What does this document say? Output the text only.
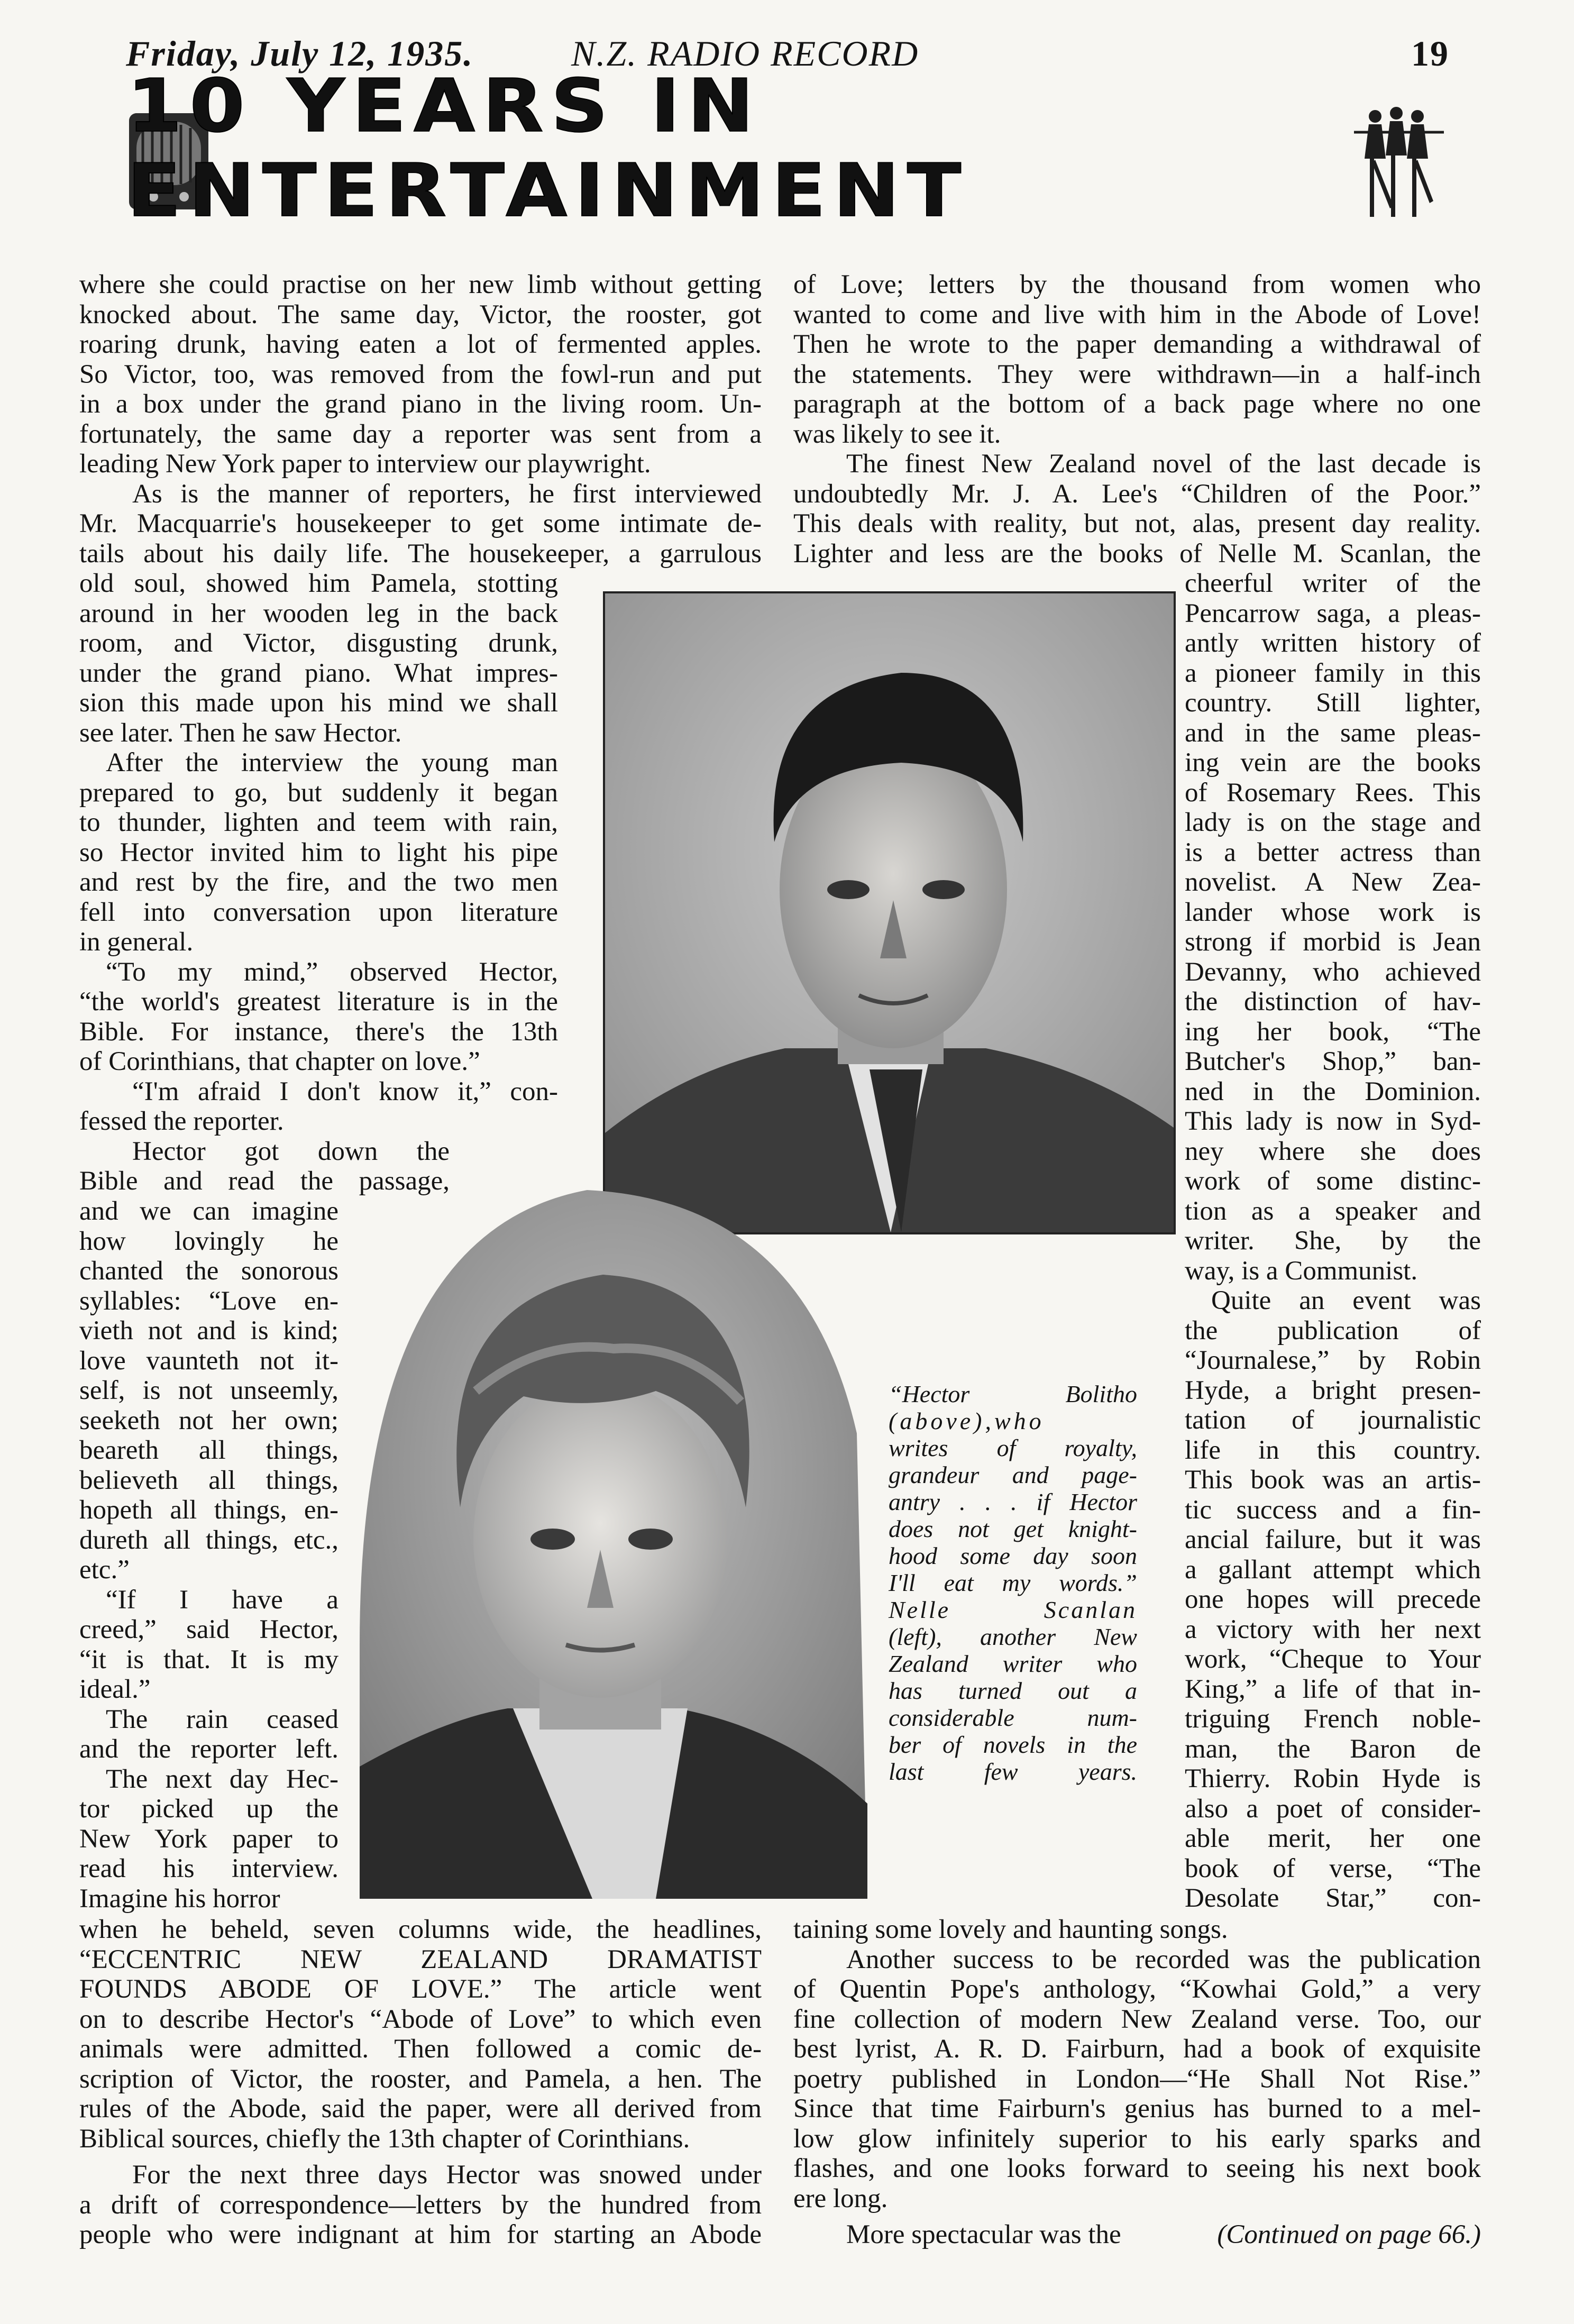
Friday, July 12, 1935.	N.Z. RADIO RECORD	19
10 YEARS IN ENTERTAINMENT
where she could practise on her new limb without getting
knocked about. The same day, Victor, the rooster, got
roaring drunk, having eaten a lot of fermented apples.
So Victor, too, was removed from the fowl-run and put
in a box under the grand piano in the living room. Un-
fortunately, the same day a reporter was sent from a
leading New York paper to interview our playwright.
As is the manner of reporters, he first interviewed
Mr. Macquarrie's housekeeper to get some intimate de-
tails about his daily life. The housekeeper, a garrulous
old soul, showed him Pamela, stotting
around in her wooden leg in the back
room, and Victor, disgusting drunk,
under the grand piano. What impres-
sion this made upon his mind we shall
see later. Then he saw Hector.
After the interview the young man
prepared to go, but suddenly it began
to thunder, lighten and teem with rain,
so Hector invited him to light his pipe
and rest by the fire, and the two men
fell into conversation upon literature
in general.
“To my mind,” observed Hector,
“the world's greatest literature is in the
Bible. For instance, there's the 13th
of Corinthians, that chapter on love.”
“I'm afraid I don't know it,” con-
fessed the reporter.
Hector got down the
Bible and read the passage,
and we can imagine
how lovingly he
chanted the sonorous
syllables: “Love en-
vieth not and is kind;
love vaunteth not it-
self, is not unseemly,
seeketh not her own;
beareth all things,
believeth all things,
hopeth all things, en-
dureth all things, etc.,
etc.”
“If I have a
creed,” said Hector,
“it is that. It is my
ideal.”
The rain ceased
and the reporter left.
The next day Hec-
tor picked up the
New York paper to
read his interview.
Imagine his horror
when he beheld, seven columns wide, the headlines,
“ECCENTRIC NEW ZEALAND DRAMATIST
FOUNDS ABODE OF LOVE.” The article went
on to describe Hector's “Abode of Love” to which even
animals were admitted. Then followed a comic de-
scription of Victor, the rooster, and Pamela, a hen. The
rules of the Abode, said the paper, were all derived from
Biblical sources, chiefly the 13th chapter of Corinthians.
For the next three days Hector was snowed under
a drift of correspondence—letters by the hundred from
people who were indignant at him for starting an Abode
of Love; letters by the thousand from women who
wanted to come and live with him in the Abode of Love!
Then he wrote to the paper demanding a withdrawal of
the statements. They were withdrawn—in a half-inch
paragraph at the bottom of a back page where no one
was likely to see it.
The finest New Zealand novel of the last decade is
undoubtedly Mr. J. A. Lee's “Children of the Poor.”
This deals with reality, but not, alas, present day reality.
Lighter and less are the books of Nelle M. Scanlan, the
cheerful writer of the
Pencarrow saga, a pleas-
antly written history of
a pioneer family in this
country. Still lighter,
and in the same pleas-
ing vein are the books
of Rosemary Rees. This
lady is on the stage and
is a better actress than
novelist. A New Zea-
lander whose work is
strong if morbid is Jean
Devanny, who achieved
the distinction of hav-
ing her book, “The
Butcher's Shop,” ban-
ned in the Dominion.
This lady is now in Syd-
ney where she does
work of some distinc-
tion as a speaker and
writer. She, by the
way, is a Communist.
Quite an event was
the publication of
“Journalese,” by Robin
Hyde, a bright presen-
tation of journalistic
life in this country.
This book was an artis-
tic success and a fin-
ancial failure, but it was
a gallant attempt which
one hopes will precede
a victory with her next
work, “Cheque to Your
King,” a life of that in-
triguing French noble-
man, the Baron de
Thierry. Robin Hyde is
also a poet of consider-
able merit, her one
book of verse, “The
Desolate Star,” con-
taining some lovely and haunting songs.
Another success to be recorded was the publication
of Quentin Pope's anthology, “Kowhai Gold,” a very
fine collection of modern New Zealand verse. Too, our
best lyrist, A. R. D. Fairburn, had a book of exquisite
poetry published in London—“He Shall Not Rise.”
Since that time Fairburn's genius has burned to a mel-
low glow infinitely superior to his early sparks and
flashes, and one looks forward to seeing his next book
ere long.
More spectacular was the	(Continued on page 66.)
“Hector Bolitho
(above),who
writes of royalty,
grandeur and page-
antry . . . if Hector
does not get knight-
hood some day soon
I'll eat my words.”
Nelle Scanlan
(left), another New
Zealand writer who
has turned out a
considerable num-
ber of novels in the
last few years.
